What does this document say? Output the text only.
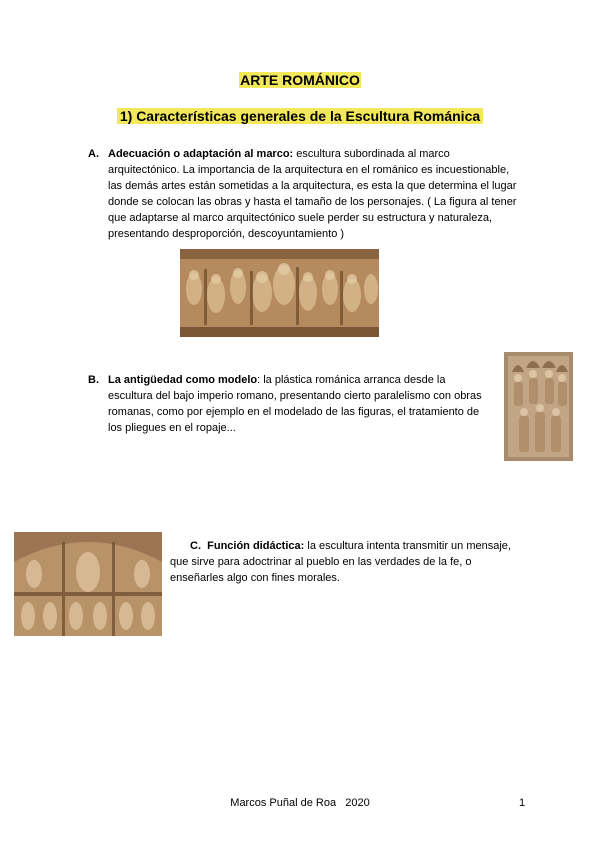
ARTE ROMÁNICO
1) Características generales de la Escultura Románica
A. Adecuación o adaptación al marco: escultura subordinada al marco
arquitectónico. La importancia de la arquitectura en el románico es incuestionable,
las demás artes están sometidas a la arquitectura, es esta la que determina el lugar
donde se colocan las obras y hasta el tamaño de los personajes. ( La figura al tener
que adaptarse al marco arquitectónico suele perder su estructura y naturaleza,
presentando desproporción, descoyuntamiento )
B. La antigüedad como modelo: la plástica románica arranca desde la
escultura del bajo imperio romano, presentando cierto paralelismo con obras
romanas, como por ejemplo en el modelado de las figuras, el tratamiento de
los pliegues en el ropaje...
C. Función didáctica: la escultura intenta transmitir un mensaje,
que sirve para adoctrinar al pueblo en las verdades de la fe, o
enseñarles algo con fines morales.
Marcos Puñal de Roa   2020	1
